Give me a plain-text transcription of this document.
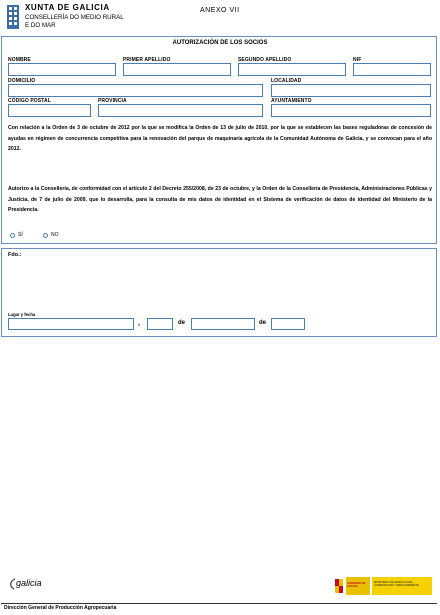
XUNTA DE GALICIA
CONSELLERÍA DO MEDIO RURAL
E DO MAR
ANEXO VII
AUTORIZACIÓN DE LOS SOCIOS
NOMBRE	PRIMER APELLIDO	SEGUNDO APELLIDO	NIF
DOMICILIO	LOCALIDAD
CÓDIGO POSTAL	PROVINCIA	AYUNTAMIENTO
Con relación a la Orden de 3 de octubre de 2012 por la que se modifica la Orden de 13 de julio de 2010, por la que se establecen las bases reguladoras de concesión de ayudas en régimen de concurrencia competitiva para la renovación del parque de maquinaria agrícola de la Comunidad Autónoma de Galicia, y se convocan para el año 2012.
Autorizo a la Consellería, de conformidad con el artículo 2 del Decreto 255/2008, de 23 de octubre, y la Orden de la Consellería de Presidencia, Administraciones Públicas y Justicia, de 7 de julio de 2009, que lo desarrolla, para la consulta de mis datos de identidad en el Sistema de verificación de datos de identidad del Ministerio de la Presidencia.
SÍ	NO
Fdo.:
Lugar y fecha
,	de	de
galicia	GOBIERNO DE ESPAÑA
MINISTERIO DE AGRICULTURA, ALIMENTACIÓN Y MEDIO AMBIENTE
Dirección General de Producción Agropecuaria
